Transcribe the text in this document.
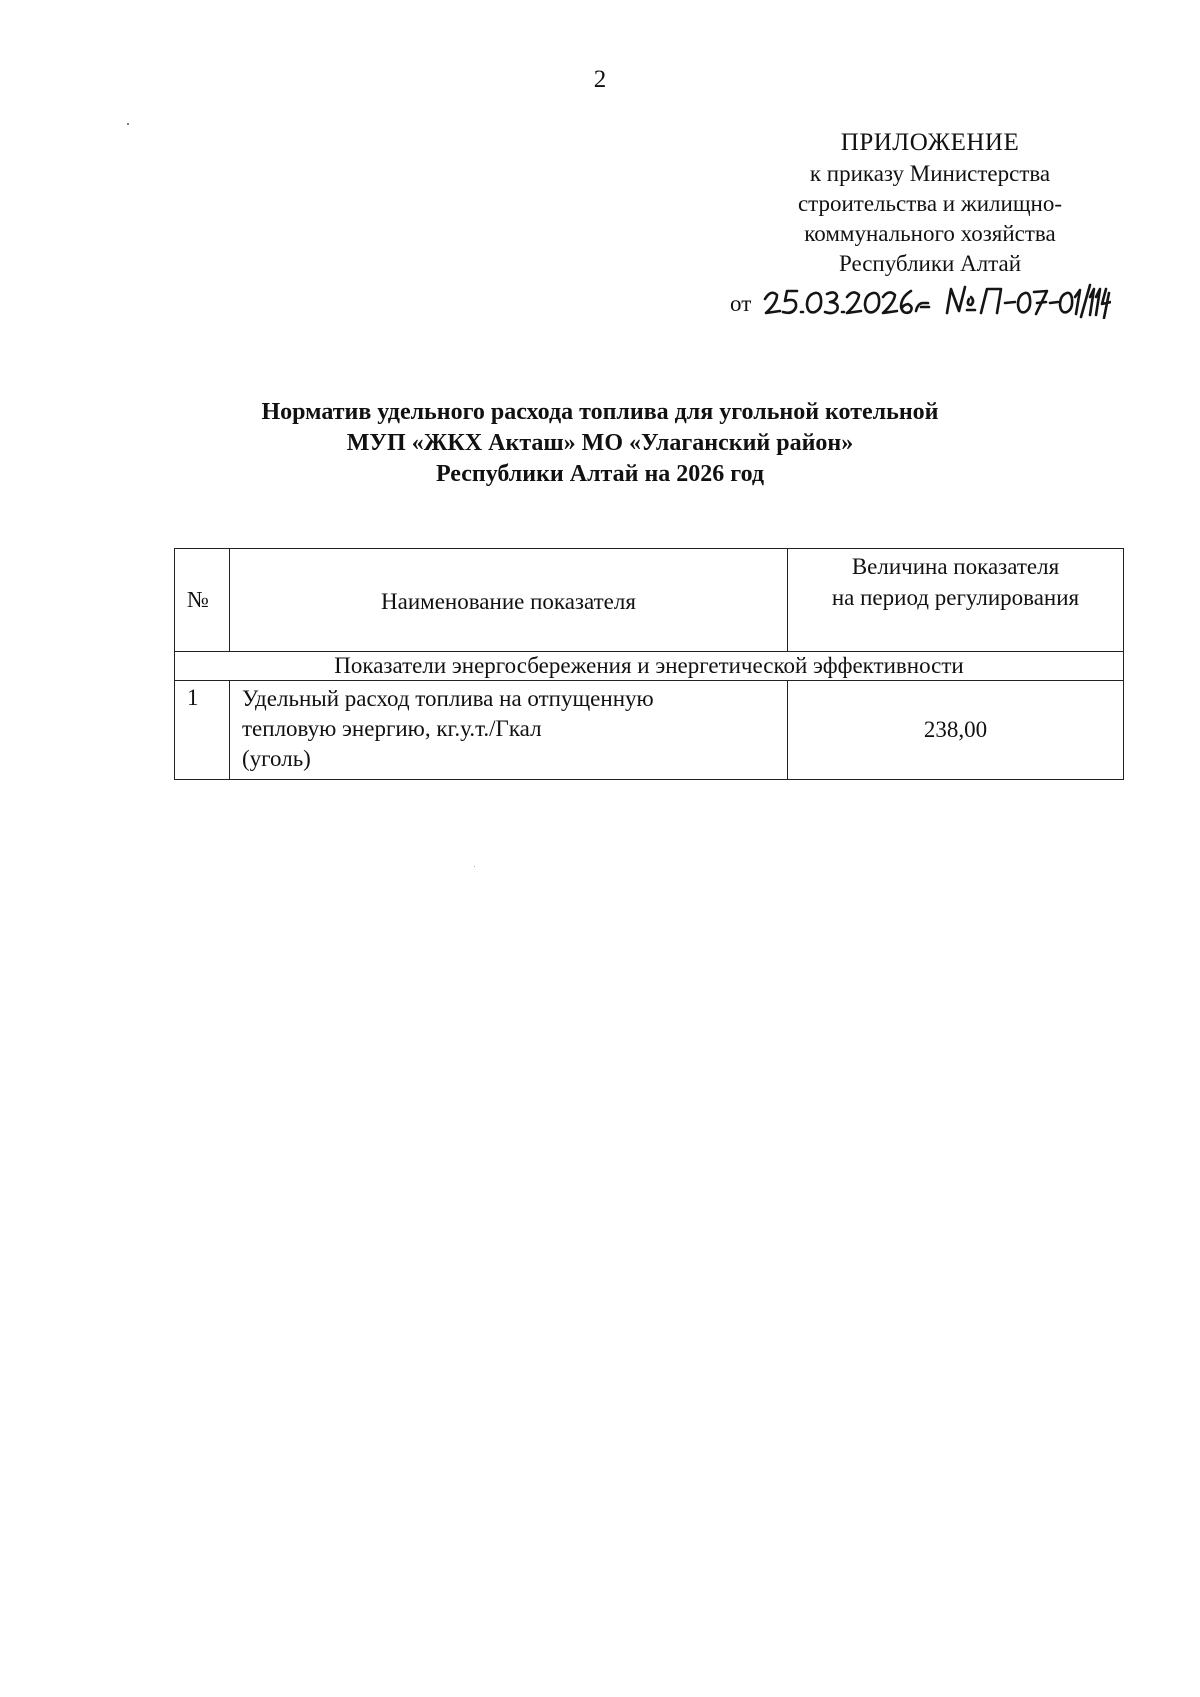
2
ПРИЛОЖЕНИЕ
к приказу Министерства
строительства и жилищно-
коммунального хозяйства
Республики Алтай
от
Норматив удельного расхода топлива для угольной котельной
МУП «ЖКХ Акташ» МО «Улаганский район»
Республики Алтай на 2026 год
№	Наименование показателя	Величина показателя
на период регулирования

Показатели энергосбережения и энергетической эффективности		
1	Удельный расход топлива на отпущенную
тепловую энергию, кг.у.т./Гкал
(уголь)	238,00
